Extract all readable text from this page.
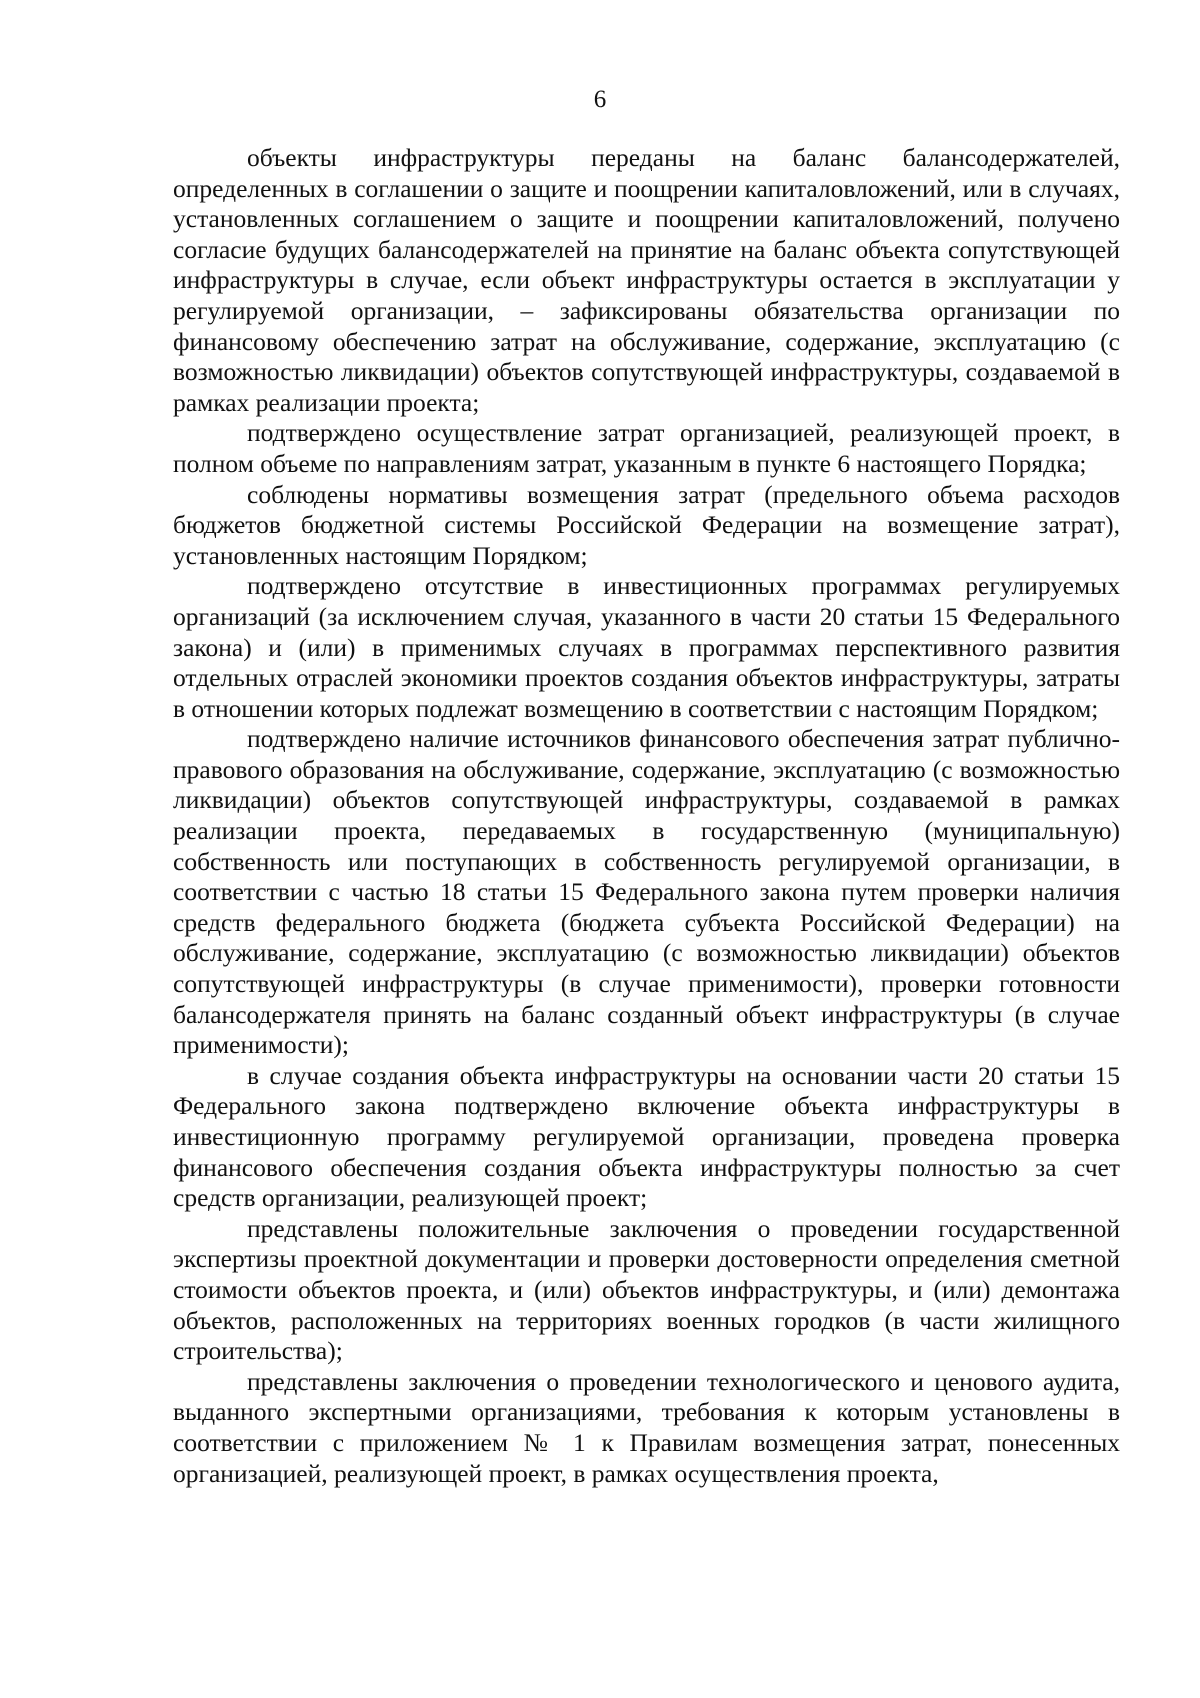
6

объекты инфраструктуры переданы на баланс балансодержателей, определенных в соглашении о защите и поощрении капиталовложений, или в случаях, установленных соглашением о защите и поощрении капиталовложений, получено согласие будущих балансодержателей на принятие на баланс объекта сопутствующей инфраструктуры в случае, если объект инфраструктуры остается в эксплуатации у регулируемой организации, – зафиксированы обязательства организации по финансовому обеспечению затрат на обслуживание, содержание, эксплуатацию (с возможностью ликвидации) объектов сопутствующей инфраструктуры, создаваемой в рамках реализации проекта;

подтверждено осуществление затрат организацией, реализующей проект, в полном объеме по направлениям затрат, указанным в пункте 6 настоящего Порядка;

соблюдены нормативы возмещения затрат (предельного объема расходов бюджетов бюджетной системы Российской Федерации на возмещение затрат), установленных настоящим Порядком;

подтверждено отсутствие в инвестиционных программах регулируемых организаций (за исключением случая, указанного в части 20 статьи 15 Федерального закона) и (или) в применимых случаях в программах перспективного развития отдельных отраслей экономики проектов создания объектов инфраструктуры, затраты в отношении которых подлежат возмещению в соответствии с настоящим Порядком;

подтверждено наличие источников финансового обеспечения затрат публично-правового образования на обслуживание, содержание, эксплуатацию (с возможностью ликвидации) объектов сопутствующей инфраструктуры, создаваемой в рамках реализации проекта, передаваемых в государственную (муниципальную) собственность или поступающих в собственность регулируемой организации, в соответствии с частью 18 статьи 15 Федерального закона путем проверки наличия средств федерального бюджета (бюджета субъекта Российской Федерации) на обслуживание, содержание, эксплуатацию (с возможностью ликвидации) объектов сопутствующей инфраструктуры (в случае применимости), проверки готовности балансодержателя принять на баланс созданный объект инфраструктуры (в случае применимости);

в случае создания объекта инфраструктуры на основании части 20 статьи 15 Федерального закона подтверждено включение объекта инфраструктуры в инвестиционную программу регулируемой организации, проведена проверка финансового обеспечения создания объекта инфраструктуры полностью за счет средств организации, реализующей проект;

представлены положительные заключения о проведении государственной экспертизы проектной документации и проверки достоверности определения сметной стоимости объектов проекта, и (или) объектов инфраструктуры, и (или) демонтажа объектов, расположенных на территориях военных городков (в части жилищного строительства);

представлены заключения о проведении технологического и ценового аудита, выданного экспертными организациями, требования к которым установлены в соответствии с приложением № 1 к Правилам возмещения затрат, понесенных организацией, реализующей проект, в рамках осуществления проекта,
